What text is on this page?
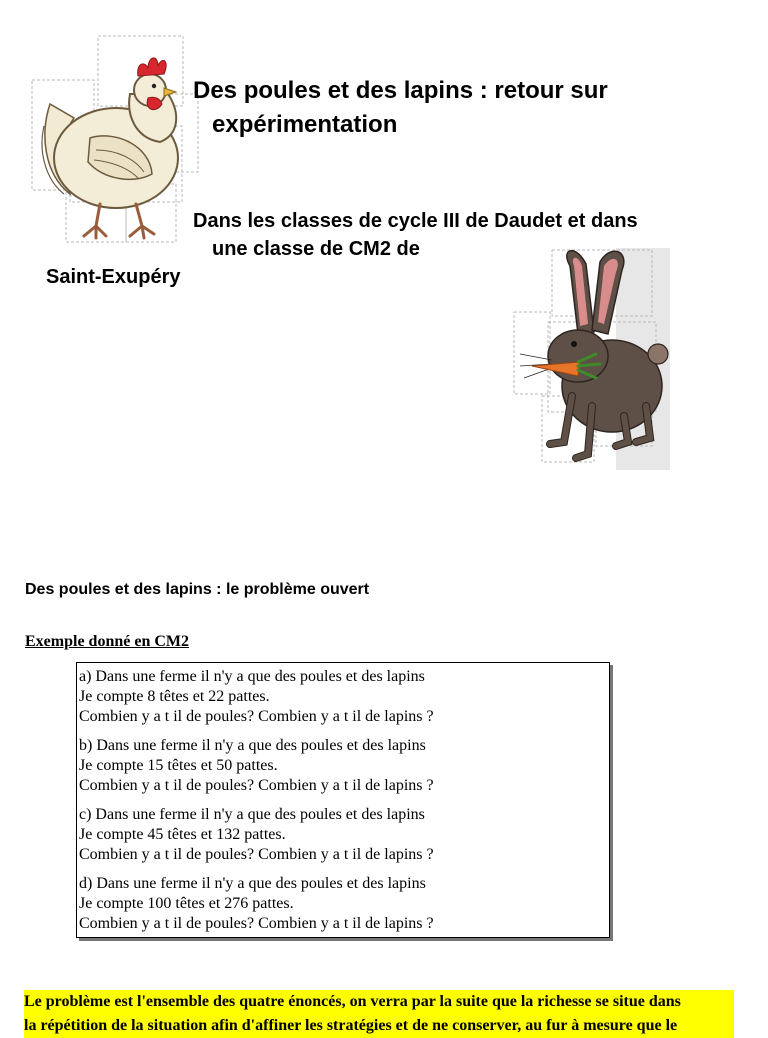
Des poules et des lapins : retour sur
expérimentation
Dans les classes de cycle III de Daudet et dans
une classe de CM2 de
Saint-Exupéry
Des poules et des lapins : le problème ouvert
Exemple donné en CM2
a) Dans une ferme il n'y a que des poules et des lapins
Je compte 8 têtes et 22 pattes.
Combien y a t il de poules? Combien y a t il de lapins ?
b) Dans une ferme il n'y a que des poules et des lapins
Je compte 15 têtes et 50 pattes.
Combien y a t il de poules? Combien y a t il de lapins ?
c) Dans une ferme il n'y a que des poules et des lapins
Je compte 45 têtes et 132 pattes.
Combien y a t il de poules? Combien y a t il de lapins ?
d) Dans une ferme il n'y a que des poules et des lapins
Je compte 100 têtes et 276 pattes.
Combien y a t il de poules? Combien y a t il de lapins ?
Le problème est l'ensemble des quatre énoncés, on verra par la suite que la richesse se situe dans
la répétition de la situation afin d'affiner les stratégies et de ne conserver, au fur à mesure que le
